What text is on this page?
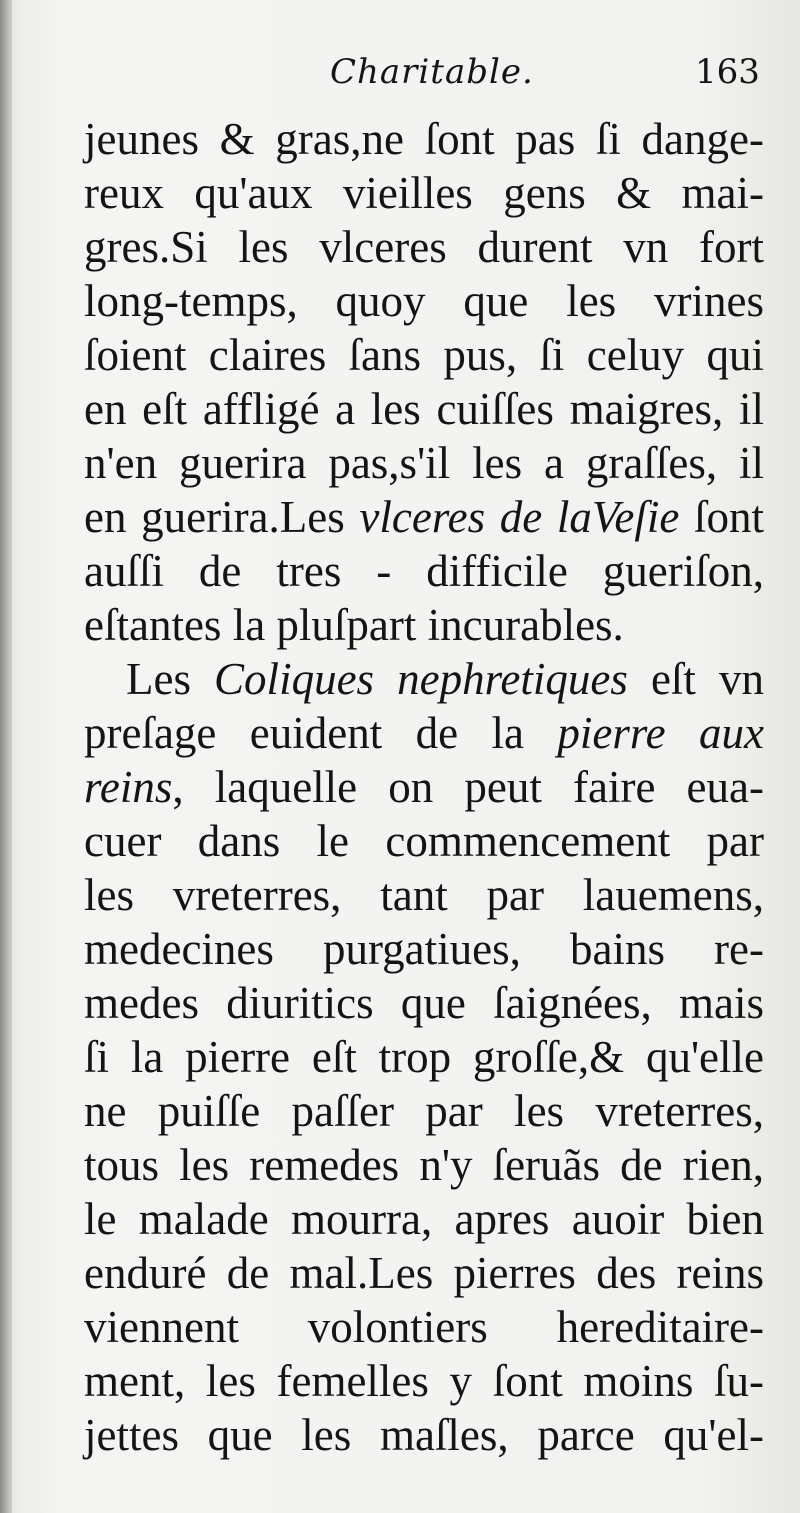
Charitable.	163
jeunes & gras,ne ſont pas ſi dange-
reux qu'aux vieilles gens & mai-
gres.Si les vlceres durent vn fort
long-temps, quoy que les vrines
ſoient claires ſans pus, ſi celuy qui
en eſt affligé a les cuiſſes maigres, il
n'en guerira pas,s'il les a graſſes, il
en guerira.Les vlceres de laVeſie ſont
auſſi de tres - difficile gueriſon,
eſtantes la pluſpart incurables.
Les Coliques nephretiques eſt vn
preſage euident de la pierre aux
reins, laquelle on peut faire eua-
cuer dans le commencement par
les vreterres, tant par lauemens,
medecines purgatiues, bains re-
medes diuritics que ſaignées, mais
ſi la pierre eſt trop groſſe,& qu'elle
ne puiſſe paſſer par les vreterres,
tous les remedes n'y ſeruãs de rien,
le malade mourra, apres auoir bien
enduré de mal.Les pierres des reins
viennent volontiers hereditaire-
ment, les femelles y ſont moins ſu-
jettes que les maſles, parce qu'el-
